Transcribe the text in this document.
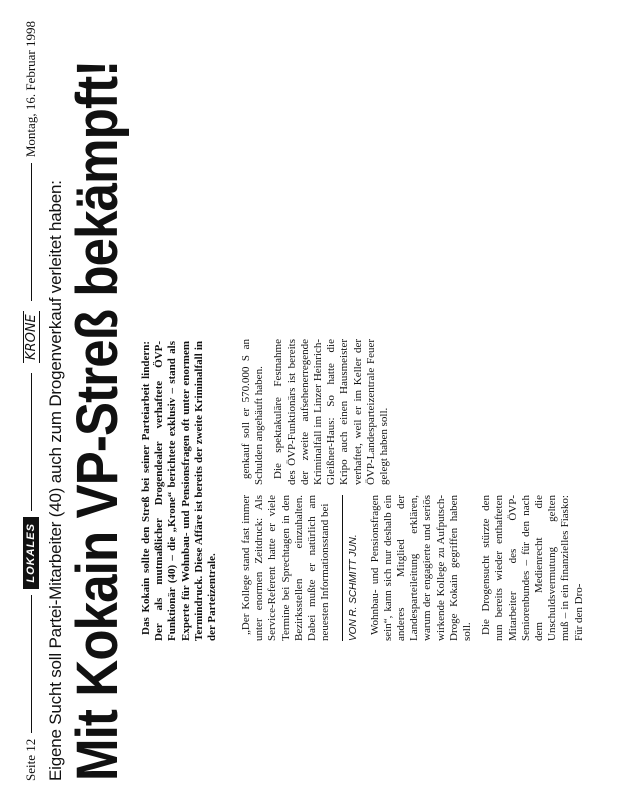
Seite 12
LOKALES
KRONE
Montag, 16. Februar 1998
Eigene Sucht soll Partei-Mitarbeiter (40) auch zum Drogenverkauf verleitet haben: Mit Kokain VP-Streß bekämpft! Das Kokain sollte den Streß bei seiner Parteiarbeit lindern: Der als mutmaßlicher Drogendealer verhaftete ÖVP-Funktionär (40) – die „Krone“ berichtete exklusiv – stand als Experte für Wohnbau- und Pensionsfragen oft unter enormem Termindruck. Diese Affäre ist bereits der zweite Kriminalfall in der Parteizentrale. „Der Kollege stand fast immer unter enormen Zeitdruck: Als Service-Referent hatte er viele Termine bei Sprechtagen in den Bezirksstellen einzuhalten. Dabei mußte er natürlich am neuesten Informationsstand bei	VON R. SCHMITT JUN. Wohnbau- und Pensionsfragen sein“, kann sich nur deshalb ein anderes Mitglied der Landesparteileitung erklären, warum der engagierte und seriös wirkende Kollege zu Aufputsch-Droge Kokain gegriffen haben soll. Die Drogensucht stürzte den nun bereits wieder enthafteten Mitarbeiter des ÖVP-Seniorenbundes – für den nach dem Medienrecht die Unschuldsvermutung gelten muß – in ein finanzielles Fiasko: Für den Dro-

genkauf soll er 570.000 S an Schulden angehäuft haben. Die spektakuläre Festnahme des ÖVP-Funktionärs ist bereits der zweite aufsehenerregende Kriminalfall im Linzer Heinrich-Gleißner-Haus: So hatte die Kripo auch einen Hausmeister verhaftet, weil er im Keller der ÖVP-Landesparteizentrale Feuer gelegt haben soll.
